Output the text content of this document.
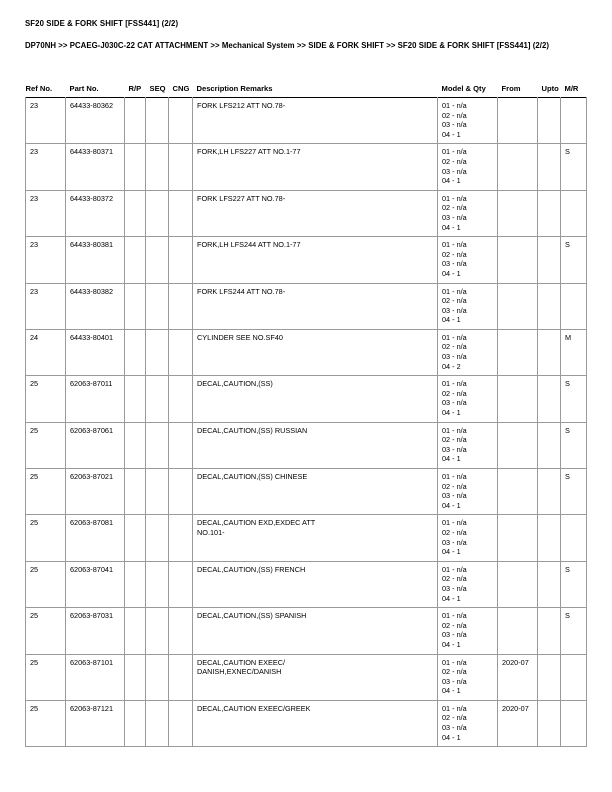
SF20 SIDE & FORK SHIFT [FSS441] (2/2)
DP70NH >> PCAEG-J030C-22 CAT ATTACHMENT >> Mechanical System >> SIDE & FORK SHIFT >> SF20 SIDE & FORK SHIFT [FSS441] (2/2)
Ref No.	Part No.	R/P	SEQ	CNG	Description Remarks	Model & Qty	From	Upto	M/R
23	64433-80362				FORK LFS212 ATT NO.78-	01 - n/a
02 - n/a
03 - n/a
04 - 1			

23	64433-80371				FORK,LH LFS227 ATT NO.1-77	01 - n/a
02 - n/a
03 - n/a
04 - 1			S
23	64433-80372				FORK LFS227 ATT NO.78-	01 - n/a
02 - n/a
03 - n/a
04 - 1			

23	64433-80381				FORK,LH LFS244 ATT NO.1-77	01 - n/a
02 - n/a
03 - n/a
04 - 1			S
23	64433-80382				FORK LFS244 ATT NO.78-	01 - n/a
02 - n/a
03 - n/a
04 - 1			

24	64433-80401				CYLINDER SEE NO.SF40	01 - n/a
02 - n/a
03 - n/a
04 - 2			M
25	62063-87011				DECAL,CAUTION,(SS)	01 - n/a
02 - n/a
03 - n/a
04 - 1			S
25	62063-87061				DECAL,CAUTION,(SS) RUSSIAN	01 - n/a
02 - n/a
03 - n/a
04 - 1			S
25	62063-87021				DECAL,CAUTION,(SS) CHINESE	01 - n/a
02 - n/a
03 - n/a
04 - 1			S
25	62063-87081				DECAL,CAUTION EXD,EXDEC ATT
NO.101-	01 - n/a
02 - n/a
03 - n/a
04 - 1			

25	62063-87041				DECAL,CAUTION,(SS) FRENCH	01 - n/a
02 - n/a
03 - n/a
04 - 1			S
25	62063-87031				DECAL,CAUTION,(SS) SPANISH	01 - n/a
02 - n/a
03 - n/a
04 - 1			S
25	62063-87101				DECAL,CAUTION EXEEC/
DANISH,EXNEC/DANISH	01 - n/a
02 - n/a
03 - n/a
04 - 1	2020-07		
25	62063-87121				DECAL,CAUTION EXEEC/GREEK	01 - n/a
02 - n/a
03 - n/a
04 - 1	2020-07		
